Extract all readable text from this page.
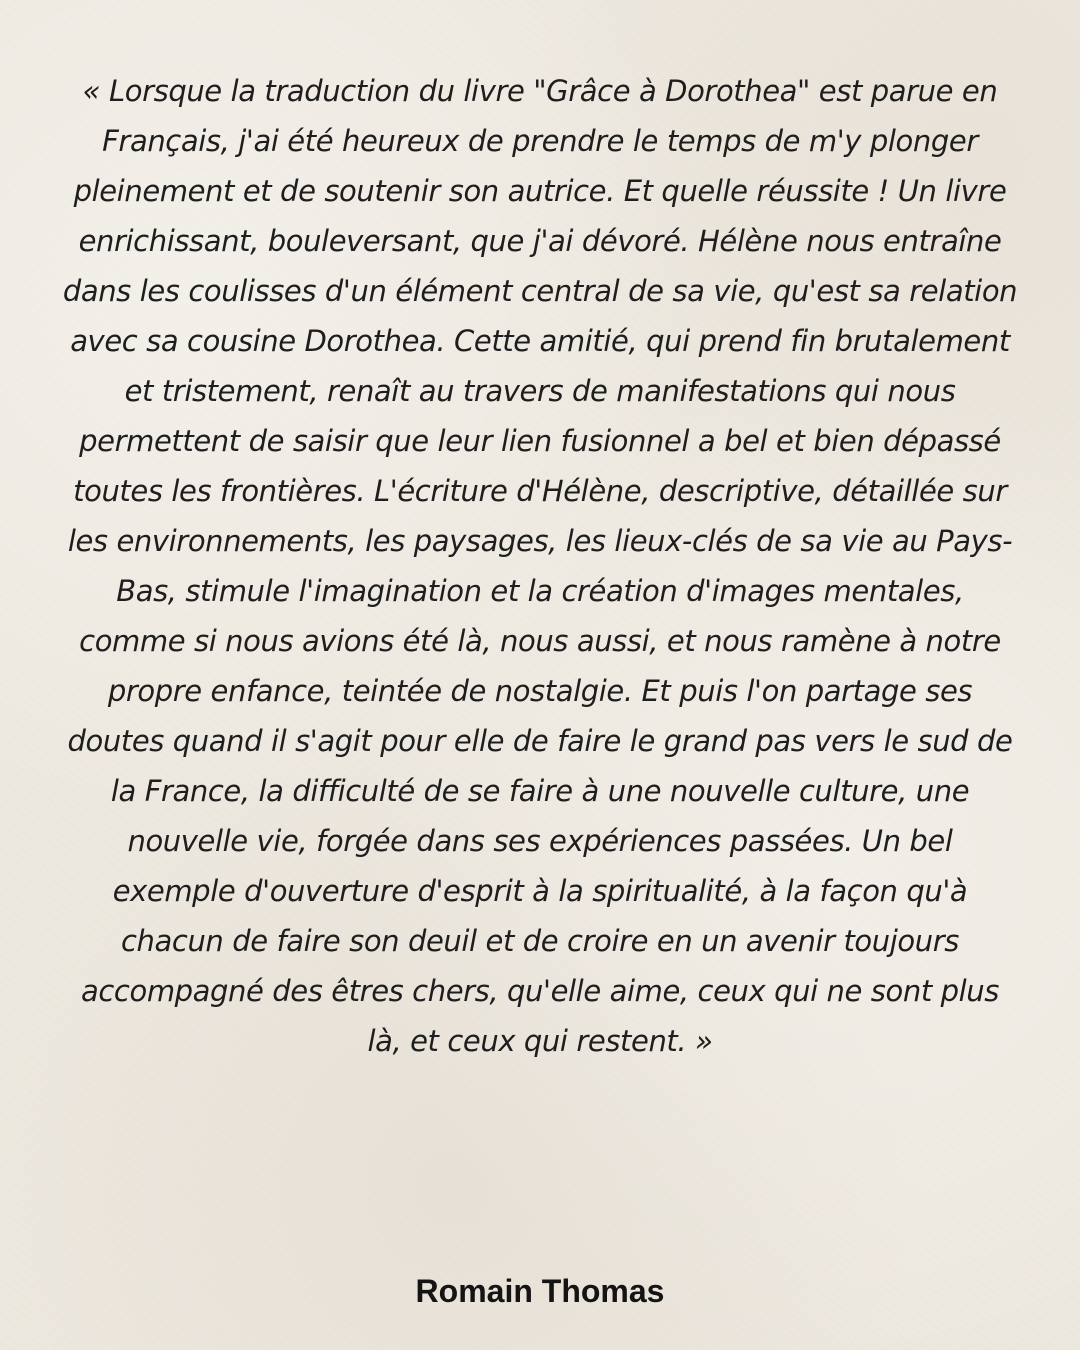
« Lorsque la traduction du livre "Grâce à Dorothea" est parue en Français, j'ai été heureux de prendre le temps de m'y plonger pleinement et de soutenir son autrice. Et quelle réussite ! Un livre enrichissant, bouleversant, que j'ai dévoré. Hélène nous entraîne dans les coulisses d'un élément central de sa vie, qu'est sa relation avec sa cousine Dorothea. Cette amitié, qui prend fin brutalement et tristement, renaît au travers de manifestations qui nous permettent de saisir que leur lien fusionnel a bel et bien dépassé toutes les frontières. L'écriture d'Hélène, descriptive, détaillée sur les environnements, les paysages, les lieux-clés de sa vie au Pays-Bas, stimule l'imagination et la création d'images mentales, comme si nous avions été là, nous aussi, et nous ramène à notre propre enfance, teintée de nostalgie. Et puis l'on partage ses doutes quand il s'agit pour elle de faire le grand pas vers le sud de la France, la difficulté de se faire à une nouvelle culture, une nouvelle vie, forgée dans ses expériences passées. Un bel exemple d'ouverture d'esprit à la spiritualité, à la façon qu'à chacun de faire son deuil et de croire en un avenir toujours accompagné des êtres chers, qu'elle aime, ceux qui ne sont plus là, et ceux qui restent. »

Romain Thomas
